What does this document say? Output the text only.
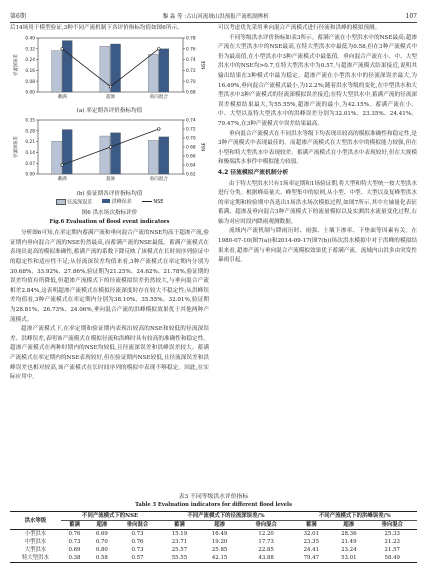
第6期	黎 淼 等 :古山河流域山洪预报产流机制辨析	107

后14场用于模型验证,3种不同产流机制下各评价指标均值如图6所示。

0.00
0.08
0.16
0.24
0.32
0.40	0.78
0.76
0.74
0.72
0.70
0.68
径流深误差	NSE
蓄满	超渗	垂向混合
(a) 率定期各评价指标均值
0.00
0.07
0.14
0.21
0.28
0.35	0.74
0.72
0.70
0.68
0.66
0.64
0.62
径流深误差	NSE
蓄满	超渗	垂向混合
(b) 验证期各评价指标均值
径流深误差	洪峰误差	NSE
图6 洪水场次指标评价
Fig.6 Evaluation of flood event indicators

分析图6可知,在率定期内蓄满产流和垂向混合产流的NSE均高于超渗产流,验证期内垂向混合产流的NSE仍然最高,而蓄满产流的NSE最低。蓄满产流模式在表现出更高的模拟准确性,蓄满产流的系数下降反映了该模式在长时间序列验证中的稳定性和适应性不足;从径流深误差均值来看,3种产流模式在率定期内分别为30.68%、33.92%、27.86%,验证期为21.25%、24.62%、21.78%,验证期的误差均值有所降低,但超渗产流模式下的径流模拟误差仍然较大,与垂向混合产流相差2.84%,这表明超渗产流模式在模拟径流深度时存在较大不稳定性;从洪峰误差均值看,3种产流模式在率定期内分别为38.10%、35.55%、32.01%,验证期为28.81%、26.73%、24.06%,垂向混合产流的洪峰模拟效果优于其他两种产流模式。

超渗产流模式下,在率定期和验证期内表现出较高的NSE和较低的径流深误差、洪峰误差,表明该产流模式在模拟径流和洪峰时具有较高的准确性和稳定性。超渗产流模式在两种时期内的NSE均较低,且径流深误差和洪峰误差较大。蓄满产流模式在率定期内的NSE表现较好,但在验证期内NSE较低,且径流深误差和洪峰误差也相对较高,该产流模式在长时间序列的模拟中表现不够稳定。因此,在实际应用中,

可以考虑优先采用垂向混合产流模式进行径流和洪峰的模拟预测。

不同等级洪水评价指标如表3所示。蓄满产流在小型洪水中的NSE最高;超渗产流在大型洪水中的NSE最高,在特大型洪水中最低为0.58,但在3种产流模式中仍为最高值,在小型洪水中3种产流模式中最低值。垂向混合产流在小、中、大型洪水中的NSE均>0.7,在特大型洪水中为0.57,与超渗产流模式结果接近,说明其输出结果在3种模式中最为稳定。超渗产流在小型洪水中的径流深误差最大,为16.49%,垂向混合产流模式最小,为12.2%;随着洪水等级的变化,在中型洪水和大型洪水中3种产流模式的径流深模拟误差接近;在特大型洪水中,蓄满产流的径流深误差模拟结果最大,为55.55%,超渗产流的最小,为42.15%。蓄满产流在小、中、大型以及特大型洪水中的洪峰误差分别为32.01%、23.35%、24.41%、79.47%,在3种产流模式中误差结果最高。

垂向混合产流模式在不同洪水等级下均表现出较高的模拟准确性和稳定性,是3种产流模式中表现最佳的。而超渗产流模式在大型洪水中的模拟能力较强,但在小型和特大型洪水中表现较差。蓄满产流模式在小型洪水中表现较好,但在大规模和极端洪水事件中模拟能力较弱。

4.2 径流模拟产流机制分析

由于特大型洪水只有1场率定期和1场验证期,将大型和特大型统一按大型洪水进行分类。根据峰高量大、峰型集中的原则,从小型、中型、大型以及复峰型洪水的率定期和检验期中各选出1场洪水场次模拟过程,如图7所示,其中左轴量化表征蓄满、超渗及垂向混合3种产流模式下的流量模拟以及实测洪水流量变化过程,右轴为对应时段内降雨观测数据。

流域内产流机制与降雨历时、雨强、土壤下渗率、下垫面等因素有关。在1980-07-10(图7(a))和2014-09-17(图7(b))场次洪水模拟中对于洪峰的模拟结果来看,超渗产流与垂向混合产流模拟效果优于蓄满产流。流域内山洪多由突发性暴雨引起,

表3 不同等级洪水评价指标
Table 3 Evaluation indicators for different flood levels
洪水等级	不同产流模式下的NSE			不同产流模式下的径流深误差/%			不同产流模式下的洪峰误差/%		
	蓄满	超渗	垂向混合	蓄满	超渗	垂向混合	蓄满	超渗	垂向混合
小型洪水	0.76	0.69	0.73	15.19	16.49	12.20	32.01	28.36	25.33
中型洪水	0.73	0.70	0.76	23.71	19.20	17.73	23.35	21.49	21.23
大型洪水	0.69	0.80	0.73	25.57	25.85	22.85	24.41	23.24	21.57
特大型洪水	0.38	0.58	0.57	55.55	42.15	43.88	79.47	53.01	58.49
